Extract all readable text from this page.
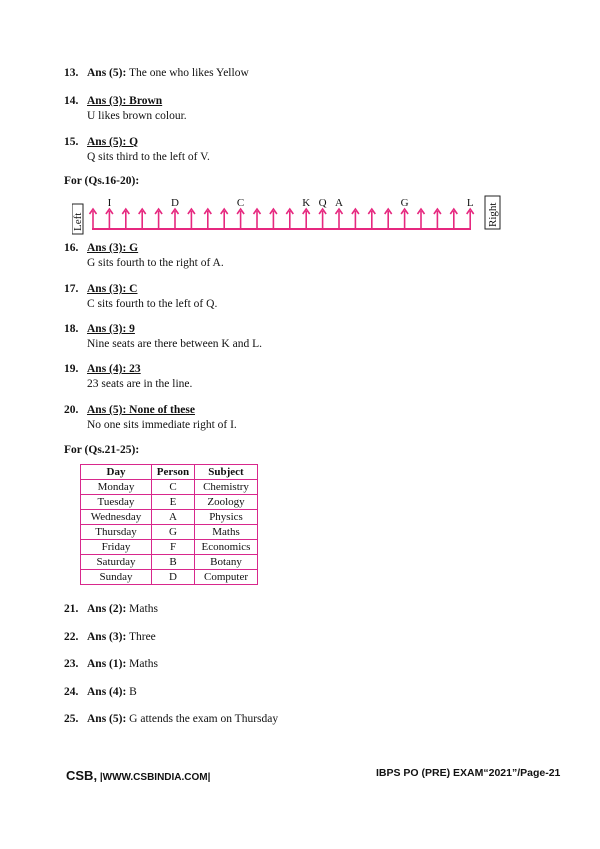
13. Ans (5): The one who likes Yellow
14. Ans (3): Brown
U likes brown colour.
15. Ans (5): Q
Q sits third to the left of V.
For (Qs.16-20):
Left	Right
I	D	C	K Q A	G	L
16. Ans (3): G
G sits fourth to the right of A.
17. Ans (3): C
C sits fourth to the left of Q.
18. Ans (3): 9
Nine seats are there between K and L.
19. Ans (4): 23
23 seats are in the line.
20. Ans (5): None of these
No one sits immediate right of I.
For (Qs.21-25):
Day	Person	Subject
Monday	C	Chemistry
Tuesday	E	Zoology
Wednesday	A	Physics
Thursday	G	Maths
Friday	F	Economics
Saturday	B	Botany
Sunday	D	Computer
21. Ans (2): Maths
22. Ans (3): Three
23. Ans (1): Maths
24. Ans (4): B
25. Ans (5): G attends the exam on Thursday
CSB, |WWW.CSBINDIA.COM|	IBPS PO (PRE) EXAM“2021”/Page-21
